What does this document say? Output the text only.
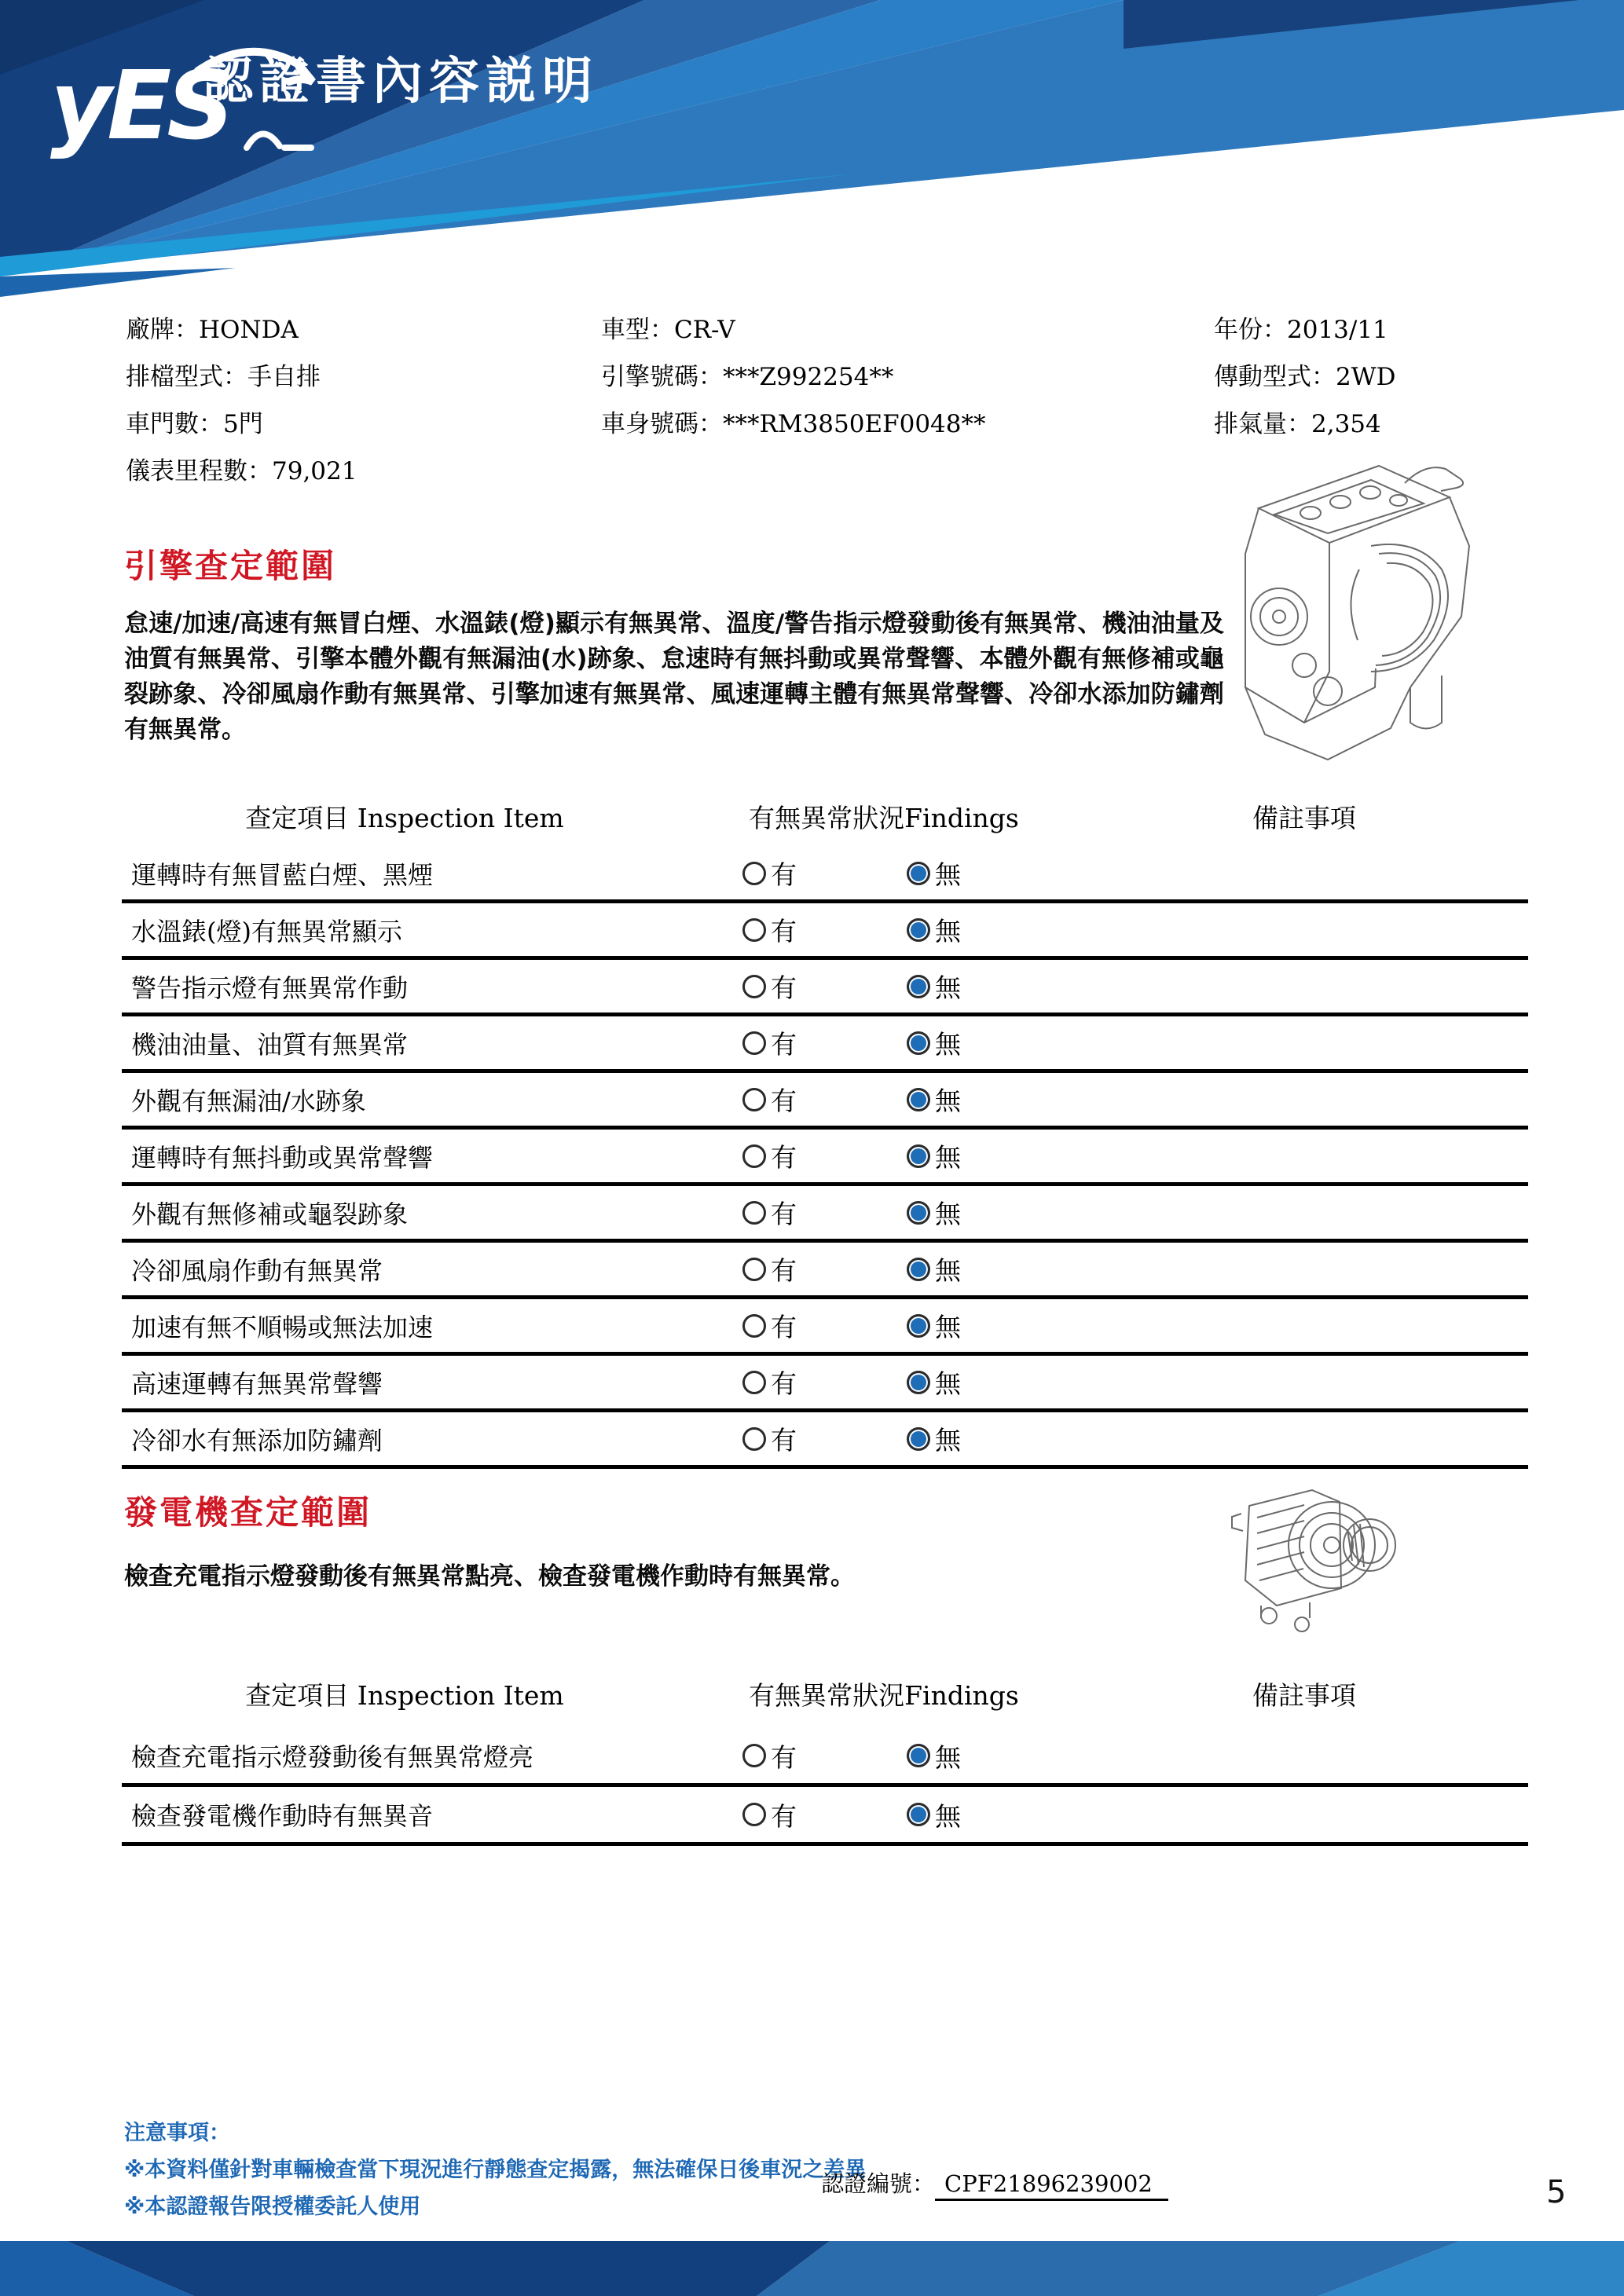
yES
認證書內容説明
廠牌：HONDA
排檔型式：手自排
車門數：5門
儀表里程數：79,021
車型：CR-V
引擎號碼：***Z992254**
車身號碼：***RM3850EF0048**
年份：2013/11
傳動型式：2WD
排氣量：2,354
引擎查定範圍
怠速/加速/高速有無冒白煙、水溫錶(燈)顯示有無異常、溫度/警告指示燈發動後有無異常、機油油量及油質有無異常、引擎本體外觀有無漏油(水)跡象、怠速時有無抖動或異常聲響、本體外觀有無修補或龜裂跡象、冷卻風扇作動有無異常、引擎加速有無異常、風速運轉主體有無異常聲響、冷卻水添加防鏽劑有無異常。
查定項目 Inspection Item	有無異常狀況Findings	備註事項
運轉時有無冒藍白煙、黑煙	有	無
水溫錶(燈)有無異常顯示	有	無
警告指示燈有無異常作動	有	無
機油油量、油質有無異常	有	無
外觀有無漏油/水跡象	有	無
運轉時有無抖動或異常聲響	有	無
外觀有無修補或龜裂跡象	有	無
冷卻風扇作動有無異常	有	無
加速有無不順暢或無法加速	有	無
高速運轉有無異常聲響	有	無
冷卻水有無添加防鏽劑	有	無
發電機查定範圍
檢查充電指示燈發動後有無異常點亮、檢查發電機作動時有無異常。
查定項目 Inspection Item	有無異常狀況Findings	備註事項
檢查充電指示燈發動後有無異常燈亮	有	無
檢查發電機作動時有無異音	有	無
注意事項：
※本資料僅針對車輛檢查當下現況進行靜態查定揭露，無法確保日後車況之差異
※本認證報告限授權委託人使用
認證編號： CPF21896239002	5
